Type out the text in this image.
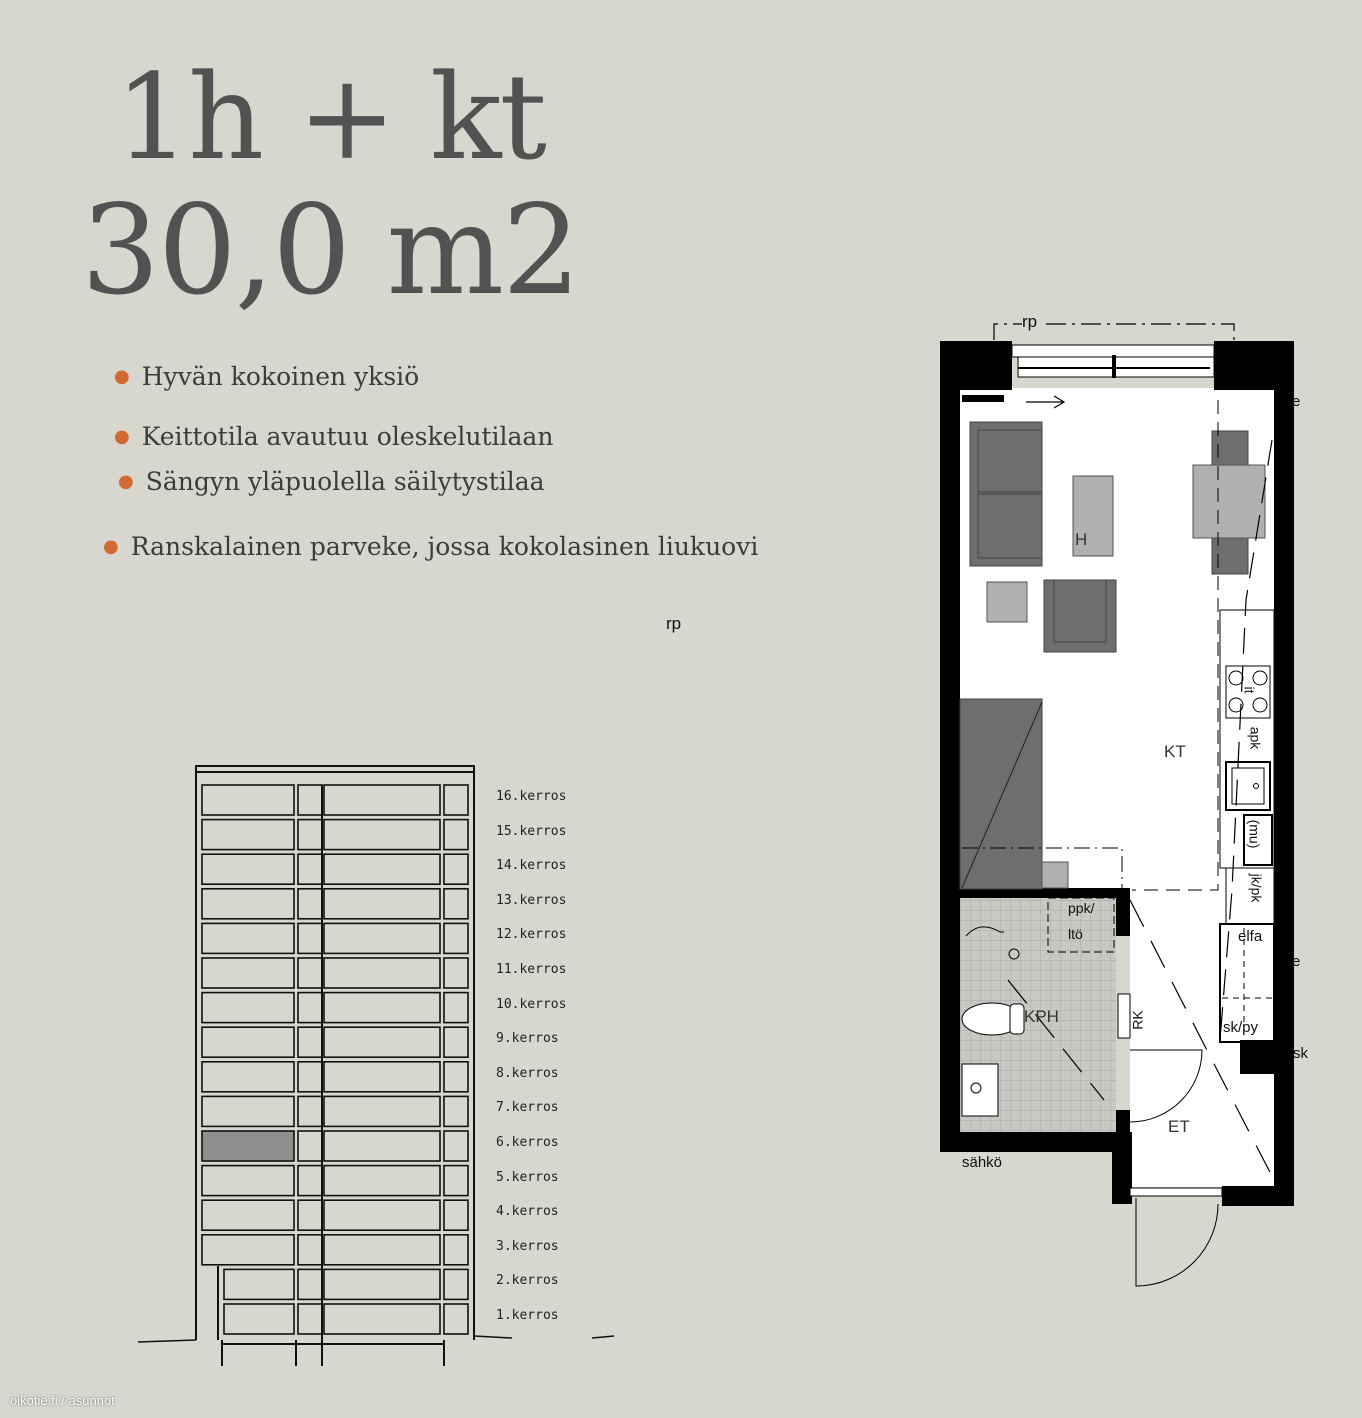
1h + kt
30,0 m2
● Hyvän kokoinen yksiö
● Keittotila avautuu oleskelutilaan
● Sängyn yläpuolella säilytystilaa
● Ranskalainen parveke, jossa kokolasinen liukuovi
rp
rp
H
KT
KPH
ET
apk
it
(mu)
jk/pk
elfa
sk/py
sk
ppk/
ltö
RK
sähkö
e
e
16.kerros
15.kerros
14.kerros
13.kerros
12.kerros
11.kerros
10.kerros
9.kerros
8.kerros
7.kerros
6.kerros
5.kerros
4.kerros
3.kerros
2.kerros
1.kerros
oikotie.fi / asunnot
